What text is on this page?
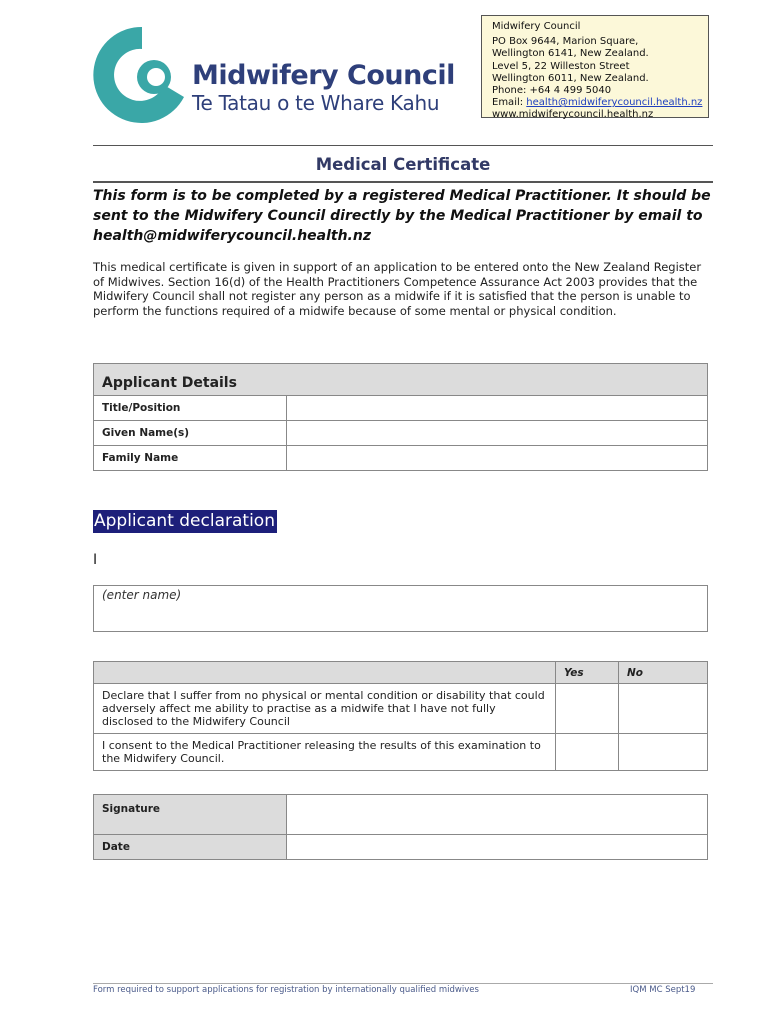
Midwifery Council
Te Tatau o te Whare Kahu
Midwifery Council
PO Box 9644, Marion Square,
Wellington 6141, New Zealand.
Level 5, 22 Willeston Street
Wellington 6011, New Zealand.
Phone: +64 4 499 5040
Email: health@midwiferycouncil.health.nz
www.midwiferycouncil.health.nz
Medical Certificate
This form is to be completed by a registered Medical Practitioner. It should be sent to the Midwifery Council directly by the Medical Practitioner by email to health@midwiferycouncil.health.nz
This medical certificate is given in support of an application to be entered onto the New Zealand Register of Midwives. Section 16(d) of the Health Practitioners Competence Assurance Act 2003 provides that the Midwifery Council shall not register any person as a midwife if it is satisfied that the person is unable to perform the functions required of a midwife because of some mental or physical condition.
Applicant Details	
Title/Position	
Given Name(s)	
Family Name	
Applicant declaration
I
(enter name)
	Yes	No
Declare that I suffer from no physical or mental condition or disability that could adversely affect me ability to practise as a midwife that I have not fully disclosed to the Midwifery Council		
I consent to the Medical Practitioner releasing the results of this examination to the Midwifery Council.		
Signature	
Date	
Form required to support applications for registration by internationally qualified midwives	IQM MC Sept19
